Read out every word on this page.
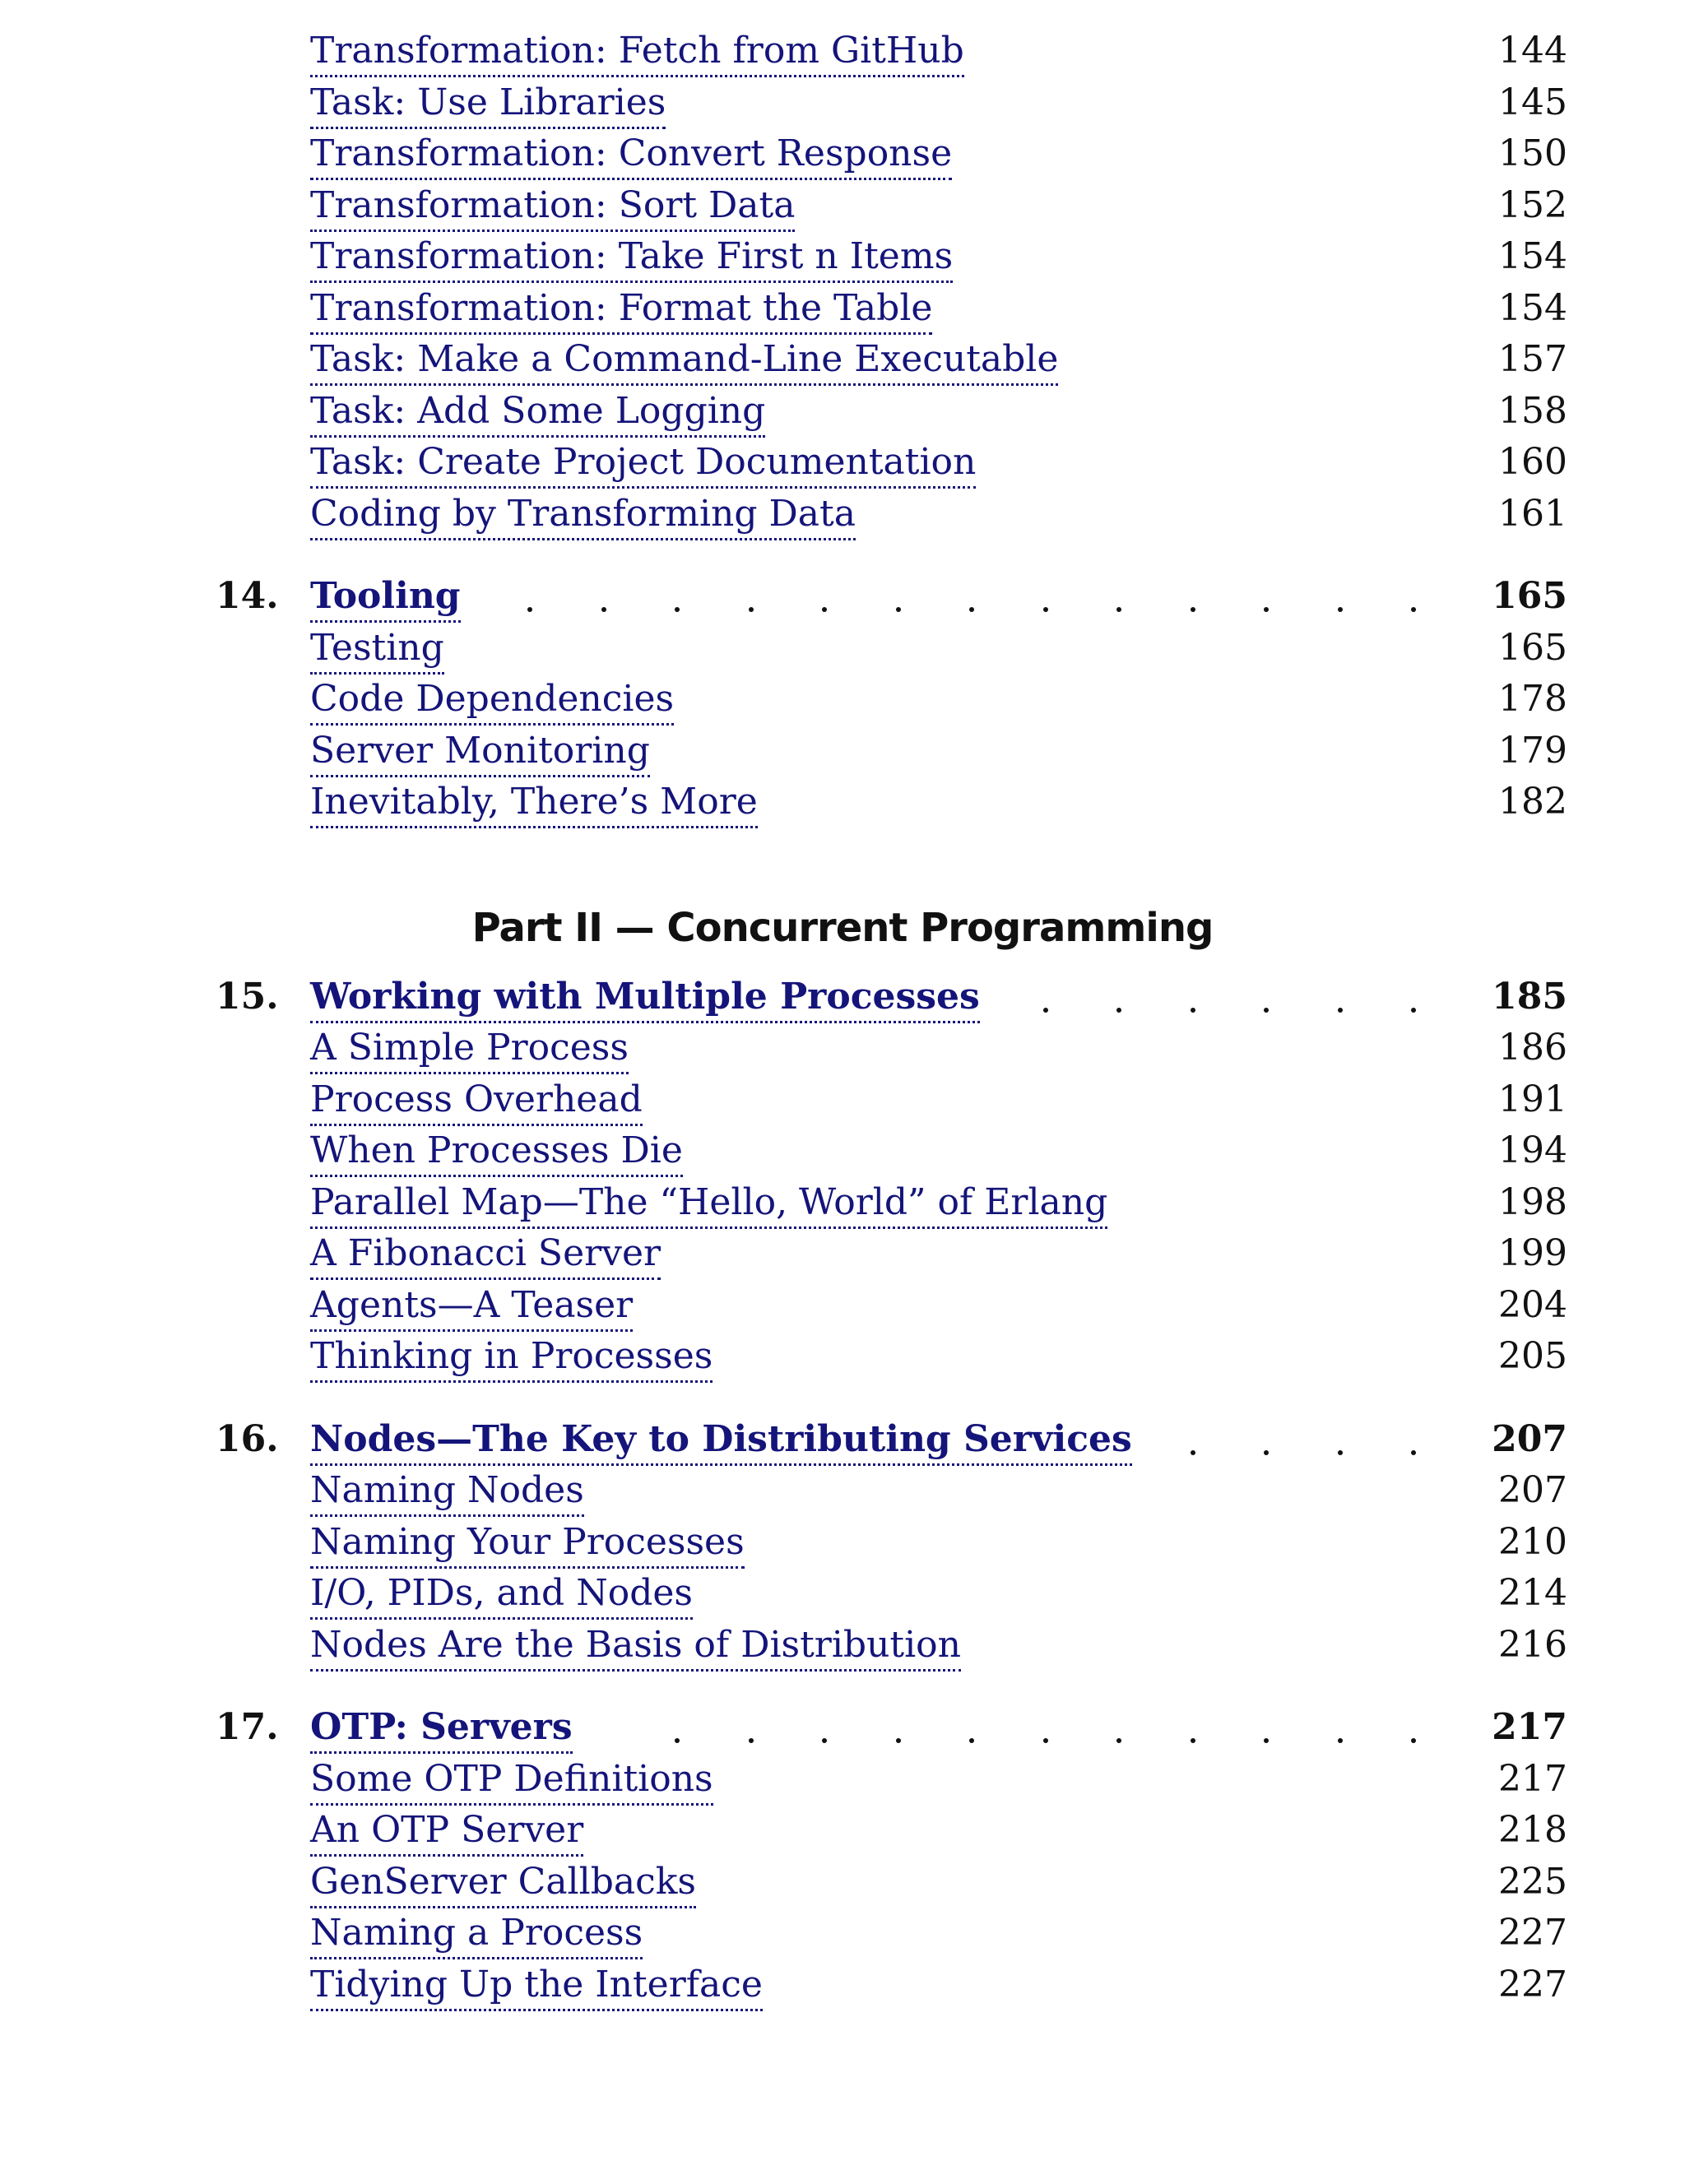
Transformation: Fetch from GitHub	144
Task: Use Libraries	145
Transformation: Convert Response	150
Transformation: Sort Data	152
Transformation: Take First n Items	154
Transformation: Format the Table	154
Task: Make a Command-Line Executable	157
Task: Add Some Logging	158
Task: Create Project Documentation	160
Coding by Transforming Data	161
14. Tooling	165
Testing	165
Code Dependencies	178
Server Monitoring	179
Inevitably, There’s More	182
Part II — Concurrent Programming
15. Working with Multiple Processes	185
A Simple Process	186
Process Overhead	191
When Processes Die	194
Parallel Map—The “Hello, World” of Erlang	198
A Fibonacci Server	199
Agents—A Teaser	204
Thinking in Processes	205
16. Nodes—The Key to Distributing Services	207
Naming Nodes	207
Naming Your Processes	210
I/O, PIDs, and Nodes	214
Nodes Are the Basis of Distribution	216
17. OTP: Servers	217
Some OTP Definitions	217
An OTP Server	218
GenServer Callbacks	225
Naming a Process	227
Tidying Up the Interface	227
